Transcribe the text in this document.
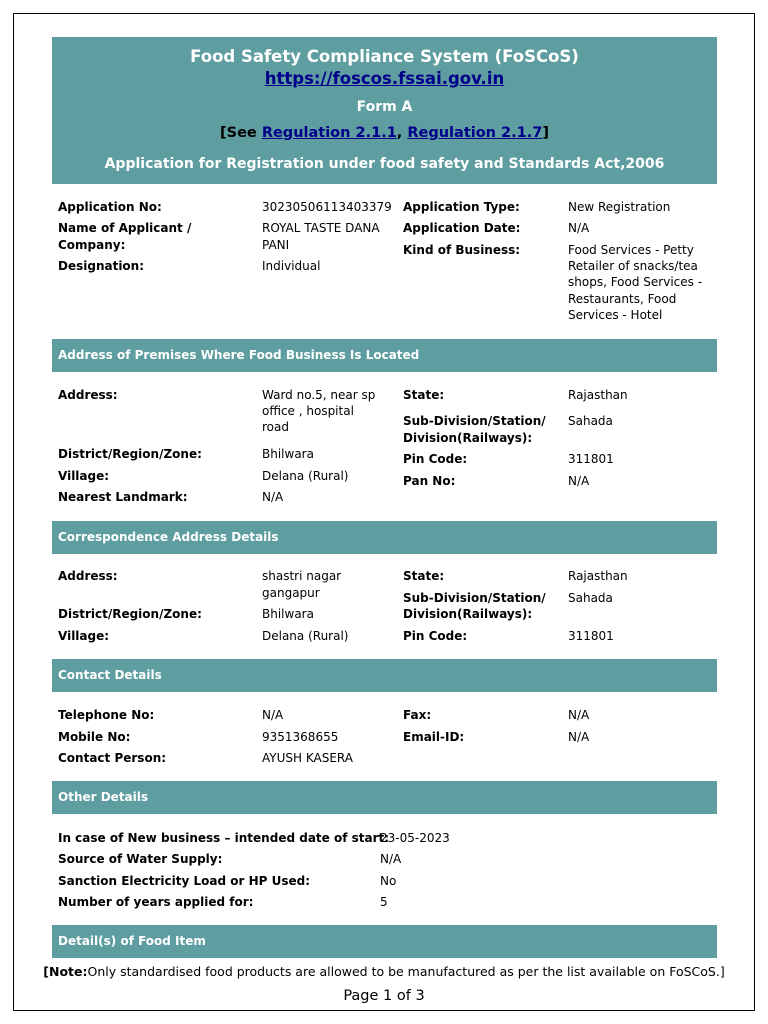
Food Safety Compliance System (FoSCoS)
https://foscos.fssai.gov.in
Form A
[See Regulation 2.1.1, Regulation 2.1.7]
Application for Registration under food safety and Standards Act,2006
Application No:	30230506113403379
Name of Applicant /
Company:
ROYAL TASTE DANA
PANI
Designation:	Individual
Application Type:	New Registration
Application Date:	N/A
Kind of Business:	Food Services - Petty
Retailer of snacks/tea
shops, Food Services -
Restaurants, Food
Services - Hotel
Address of Premises Where Food Business Is Located
Address:	Ward no.5, near sp
office , hospital
road
District/Region/Zone:	Bhilwara
Village:	Delana (Rural)
Nearest Landmark:	N/A
State:	Rajasthan
Sub-Division/Station/
Division(Railways):
Sahada
Pin Code:	311801
Pan No:	N/A
Correspondence Address Details
Address:	shastri nagar
gangapur
District/Region/Zone:	Bhilwara
Village:	Delana (Rural)
State:	Rajasthan
Sub-Division/Station/
Division(Railways):
Sahada
Pin Code:	311801
Contact Details
Telephone No:	N/A
Mobile No:	9351368655
Contact Person:	AYUSH KASERA
Fax:	N/A
Email-ID:	N/A
Other Details
In case of New business – intended date of start:
23-05-2023
Source of Water Supply:	N/A
Sanction Electricity Load or HP Used:	No
Number of years applied for:	5
Detail(s) of Food Item
[Note:Only standardised food products are allowed to be manufactured as per the list available on FoSCoS.]
Page 1 of 3
